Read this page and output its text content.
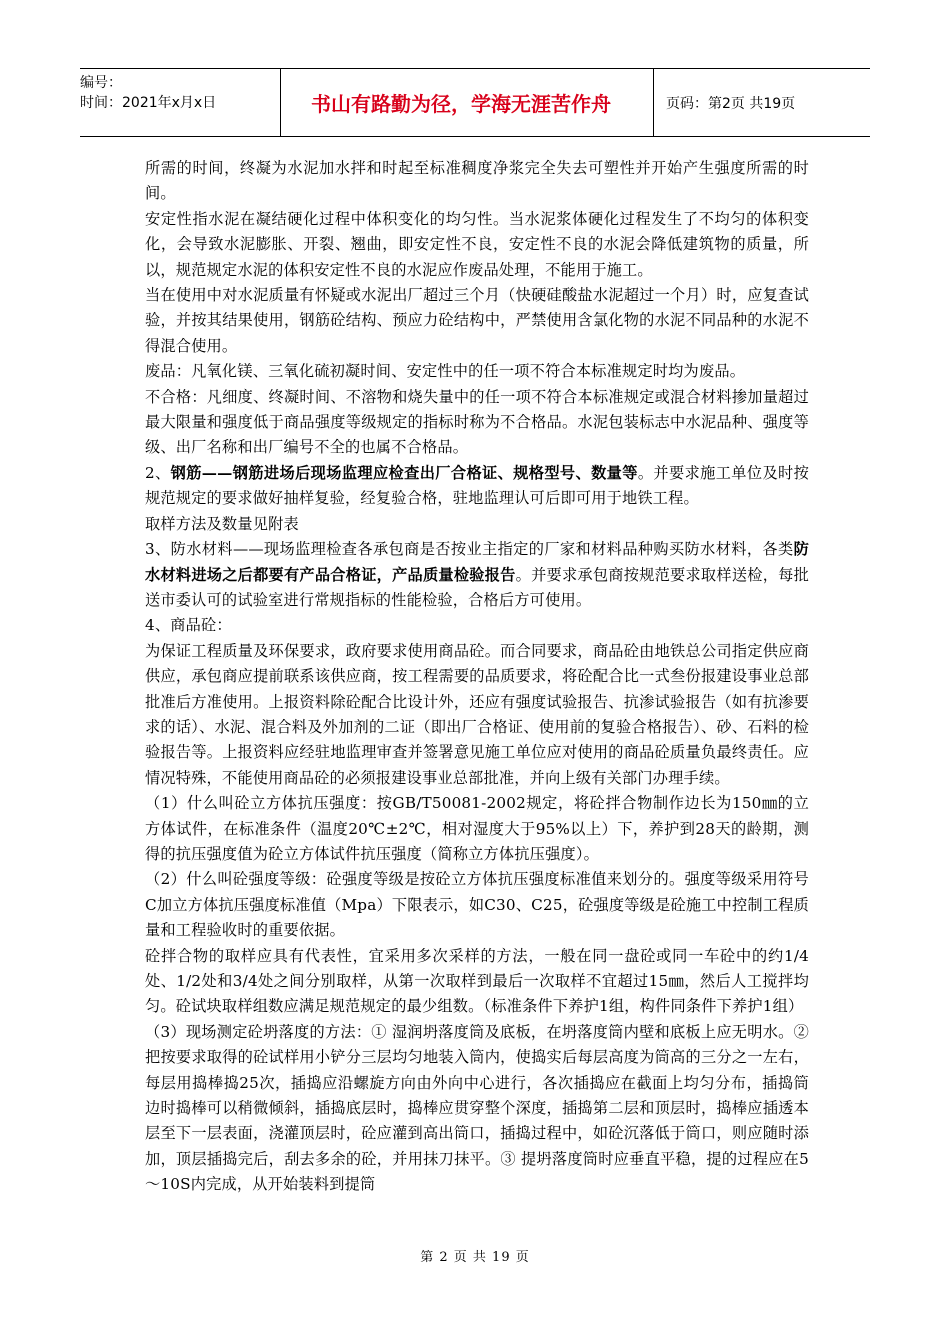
编号：
时间：2021年x月x日	书山有路勤为径，学海无涯苦作舟	页码：第2页 共19页

所需的时间，终凝为水泥加水拌和时起至标准稠度净浆完全失去可塑性并开始产生强度所需的时间。

安定性指水泥在凝结硬化过程中体积变化的均匀性。当水泥浆体硬化过程发生了不均匀的体积变化，会导致水泥膨胀、开裂、翘曲，即安定性不良，安定性不良的水泥会降低建筑物的质量，所以，规范规定水泥的体积安定性不良的水泥应作废品处理，不能用于施工。

当在使用中对水泥质量有怀疑或水泥出厂超过三个月（快硬硅酸盐水泥超过一个月）时，应复查试验，并按其结果使用，钢筋砼结构、预应力砼结构中，严禁使用含氯化物的水泥不同品种的水泥不得混合使用。

废品：凡氧化镁、三氧化硫初凝时间、安定性中的任一项不符合本标准规定时均为废品。

不合格：凡细度、终凝时间、不溶物和烧失量中的任一项不符合本标准规定或混合材料掺加量超过最大限量和强度低于商品强度等级规定的指标时称为不合格品。水泥包装标志中水泥品种、强度等级、出厂名称和出厂编号不全的也属不合格品。

2、钢筋——钢筋进场后现场监理应检查出厂合格证、规格型号、数量等。并要求施工单位及时按规范规定的要求做好抽样复验，经复验合格，驻地监理认可后即可用于地铁工程。

取样方法及数量见附表

3、防水材料——现场监理检查各承包商是否按业主指定的厂家和材料品种购买防水材料，各类防水材料进场之后都要有产品合格证，产品质量检验报告。并要求承包商按规范要求取样送检，每批送市委认可的试验室进行常规指标的性能检验，合格后方可使用。

4、商品砼：

为保证工程质量及环保要求，政府要求使用商品砼。而合同要求，商品砼由地铁总公司指定供应商供应，承包商应提前联系该供应商，按工程需要的品质要求，将砼配合比一式叁份报建设事业总部批准后方准使用。上报资料除砼配合比设计外，还应有强度试验报告、抗渗试验报告（如有抗渗要求的话）、水泥、混合料及外加剂的二证（即出厂合格证、使用前的复验合格报告）、砂、石料的检验报告等。上报资料应经驻地监理审查并签署意见施工单位应对使用的商品砼质量负最终责任。应情况特殊，不能使用商品砼的必须报建设事业总部批准，并向上级有关部门办理手续。

（1）什么叫砼立方体抗压强度：按GB/T50081-2002规定，将砼拌合物制作边长为150㎜的立方体试件，在标准条件（温度20℃±2℃，相对湿度大于95%以上）下，养护到28天的龄期，测得的抗压强度值为砼立方体试件抗压强度（简称立方体抗压强度）。

（2）什么叫砼强度等级：砼强度等级是按砼立方体抗压强度标准值来划分的。强度等级采用符号C加立方体抗压强度标准值（Mpa）下限表示，如C30、C25，砼强度等级是砼施工中控制工程质量和工程验收时的重要依据。

砼拌合物的取样应具有代表性，宜采用多次采样的方法，一般在同一盘砼或同一车砼中的约1/4处、1/2处和3/4处之间分别取样，从第一次取样到最后一次取样不宜超过15㎜，然后人工搅拌均匀。砼试块取样组数应满足规范规定的最少组数。（标准条件下养护1组，构件同条件下养护1组）

（3）现场测定砼坍落度的方法：① 湿润坍落度筒及底板，在坍落度筒内壁和底板上应无明水。② 把按要求取得的砼试样用小铲分三层均匀地装入筒内，使捣实后每层高度为筒高的三分之一左右，每层用捣棒捣25次，插捣应沿螺旋方向由外向中心进行，各次插捣应在截面上均匀分布，插捣筒边时捣棒可以稍微倾斜，插捣底层时，捣棒应贯穿整个深度，插捣第二层和顶层时，捣棒应插透本层至下一层表面，浇灌顶层时，砼应灌到高出筒口，插捣过程中，如砼沉落低于筒口，则应随时添加，顶层插捣完后，刮去多余的砼，并用抹刀抹平。③ 提坍落度筒时应垂直平稳，提的过程应在5～10S内完成，从开始装料到提筒

第 2 页 共 19 页
